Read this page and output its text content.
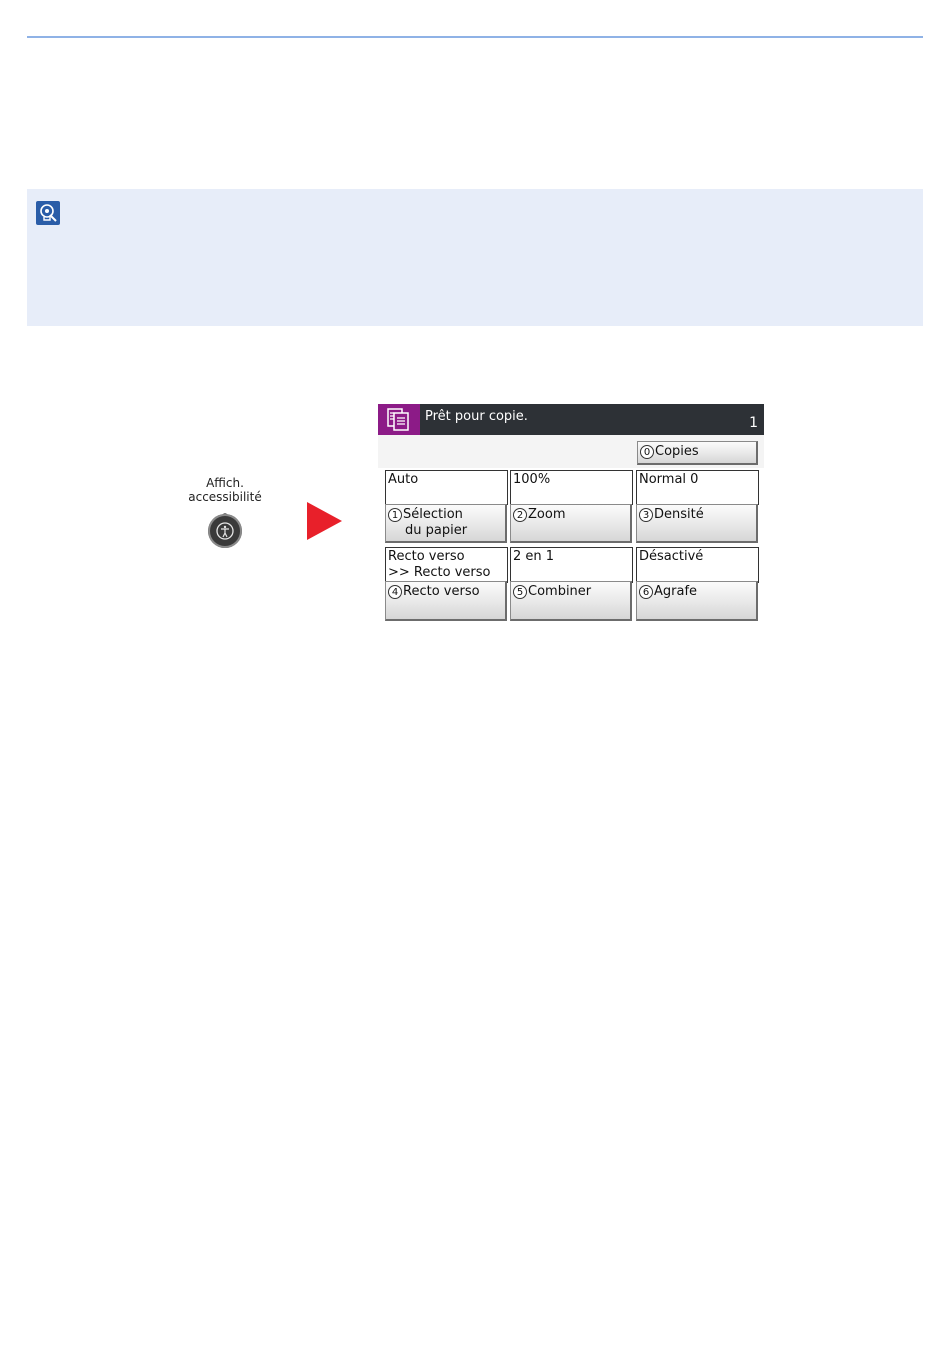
Affich.
accessibilité
Prêt pour copie.	1
0 Copies
Auto
1 Sélection
du papier
100%
2 Zoom
Normal 0
3 Densité
Recto verso
>> Recto verso
4 Recto verso
2 en 1
5 Combiner
Désactivé
6 Agrafe
